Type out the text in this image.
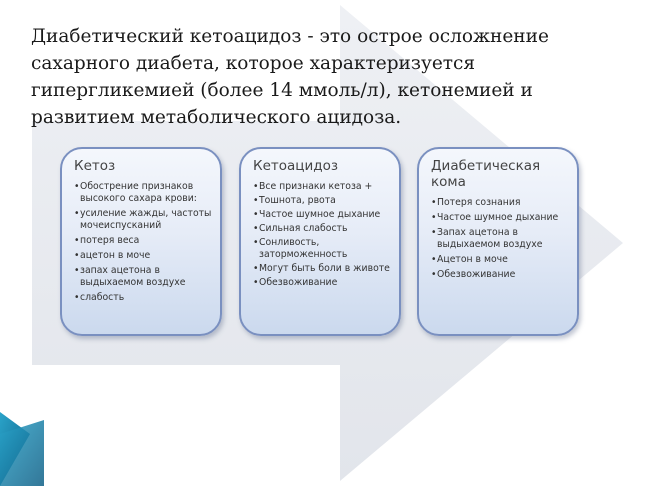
Диабетический кетоацидоз - это острое осложнение сахарного диабета, которое характеризуется гипергликемией (более 14 ммоль/л), кетонемией и развитием метаболического ацидоза.

Кетоз
• Обострение признаков высокого сахара крови:
• усиление жажды, частоты мочеиспусканий
• потеря веса
• ацетон в моче
• запах ацетона в выдыхаемом воздухе
• слабость
Кетоацидоз
• Все признаки кетоза +
• Тошнота, рвота
• Частое шумное дыхание
• Сильная слабость
• Сонливость, заторможенность
• Могут быть боли в животе
• Обезвоживание
Диабетическая кома
• Потеря сознания
• Частое шумное дыхание
• Запах ацетона в выдыхаемом воздухе
• Ацетон в моче
• Обезвоживание
